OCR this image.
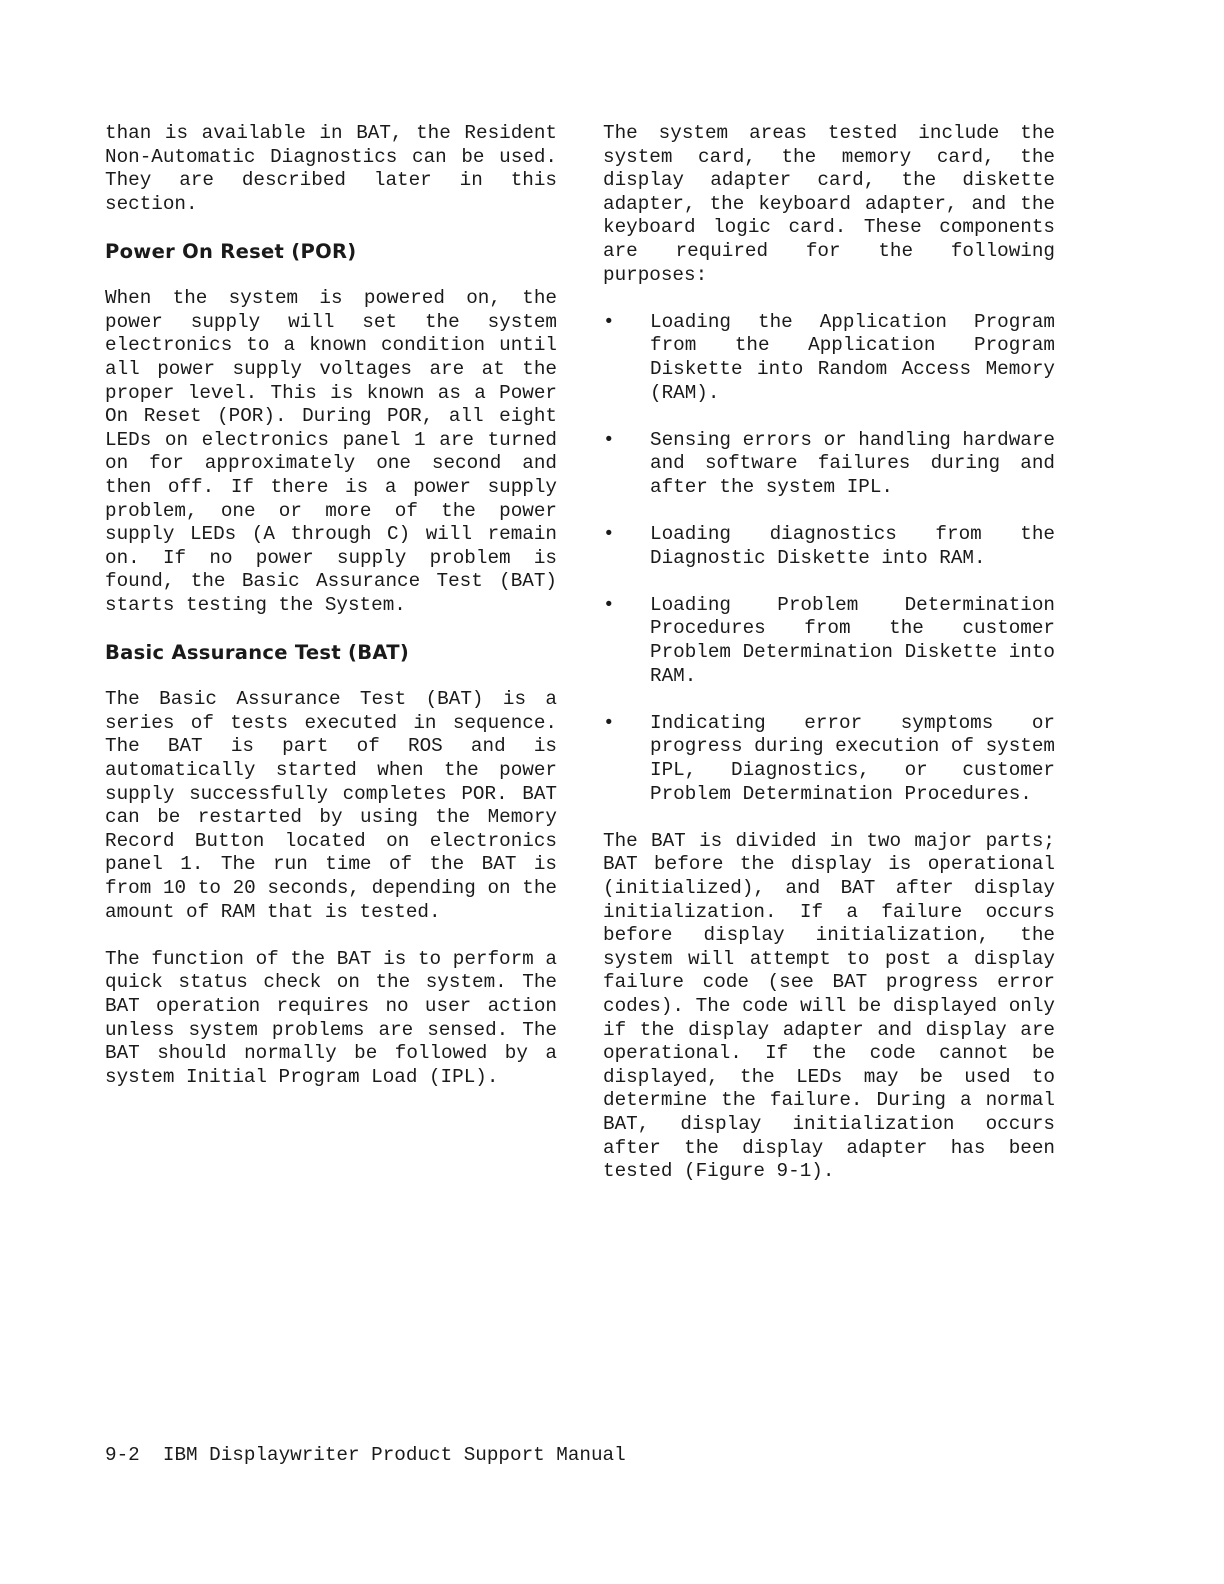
than is available in BAT, the Resident Non-Automatic Diagnostics can be used. They are described later in this section.

Power On Reset (POR)

When the system is powered on, the power supply will set the system electronics to a known condition until all power supply voltages are at the proper level. This is known as a Power On Reset (POR). During POR, all eight LEDs on electronics panel 1 are turned on for approximately one second and then off. If there is a power supply problem, one or more of the power supply LEDs (A through C) will remain on. If no power supply problem is found, the Basic Assurance Test (BAT) starts testing the System.

Basic Assurance Test (BAT)

The Basic Assurance Test (BAT) is a series of tests executed in sequence. The BAT is part of ROS and is automatically started when the power supply successfully completes POR. BAT can be restarted by using the Memory Record Button located on electronics panel 1. The run time of the BAT is from 10 to 20 seconds, depending on the amount of RAM that is tested.

The function of the BAT is to perform a quick status check on the system. The BAT operation requires no user action unless system problems are sensed. The BAT should normally be followed by a system Initial Program Load (IPL).

The system areas tested include the system card, the memory card, the display adapter card, the diskette adapter, the keyboard adapter, and the keyboard logic card. These components are required for the following purposes:

• Loading the Application Program from the Application Program Diskette into Random Access Memory (RAM).
• Sensing errors or handling hardware and software failures during and after the system IPL.
• Loading diagnostics from the Diagnostic Diskette into RAM.
• Loading Problem Determination Procedures from the customer Problem Determination Diskette into RAM.
• Indicating error symptoms or progress during execution of system IPL, Diagnostics, or customer Problem Determination Procedures.

The BAT is divided in two major parts; BAT before the display is operational (initialized), and BAT after display initialization. If a failure occurs before display initialization, the system will attempt to post a display failure code (see BAT progress error codes). The code will be displayed only if the display adapter and display are operational. If the code cannot be displayed, the LEDs may be used to determine the failure. During a normal BAT, display initialization occurs after the display adapter has been tested (Figure 9-1).

9-2 IBM Displaywriter Product Support Manual
